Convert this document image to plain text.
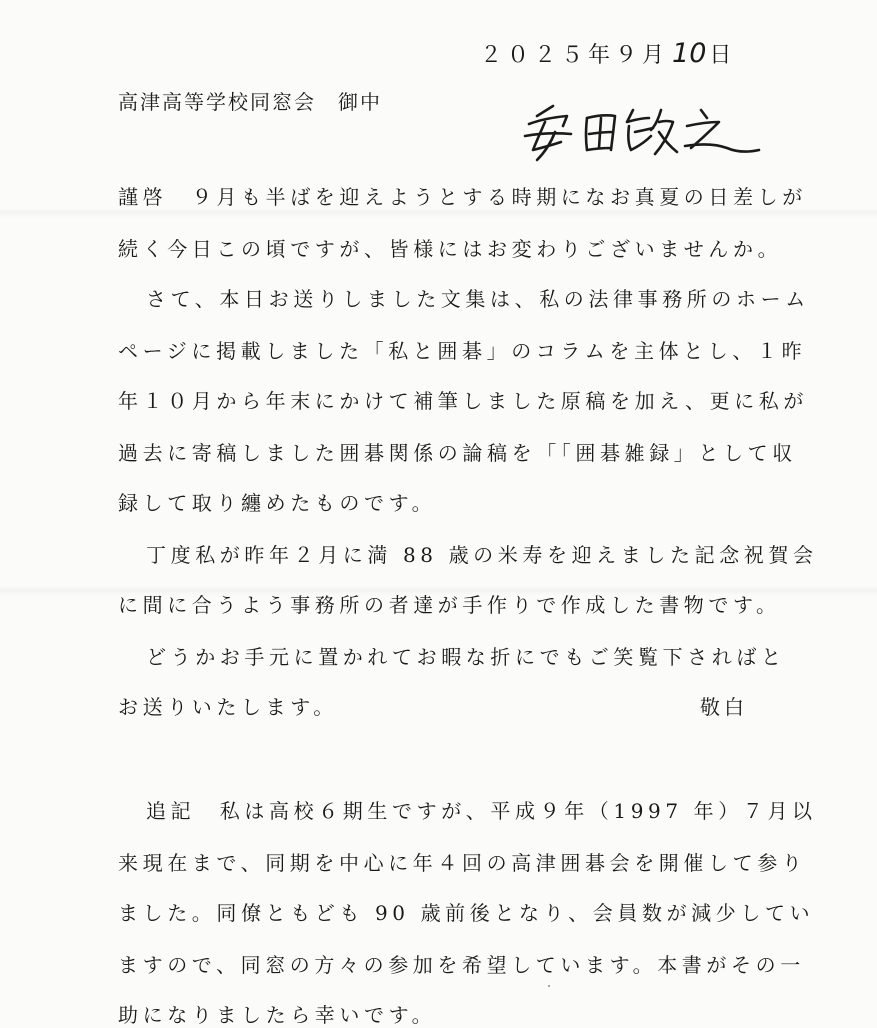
２０２５年９月 10 日
高津高等学校同窓会　御中
謹啓　９月も半ばを迎えようとする時期になお真夏の日差しが
続く今日この頃ですが、皆様にはお変わりございませんか。
さて、本日お送りしました文集は、私の法律事務所のホーム
ページに掲載しました「私と囲碁」のコラムを主体とし、１昨
年１０月から年末にかけて補筆しました原稿を加え、更に私が
過去に寄稿しました囲碁関係の論稿を「「囲碁雑録」として収
録して取り纏めたものです。
丁度私が昨年２月に満 88 歳の米寿を迎えました記念祝賀会
に間に合うよう事務所の者達が手作りで作成した書物です。
どうかお手元に置かれてお暇な折にでもご笑覧下さればと
お送りいたします。	敬白
追記　私は高校６期生ですが、平成９年（1997 年）７月以
来現在まで、同期を中心に年４回の高津囲碁会を開催して参り
ました。同僚ともども 90 歳前後となり、会員数が減少してい
ますので、同窓の方々の参加を希望しています。本書がその一
助になりましたら幸いです。
